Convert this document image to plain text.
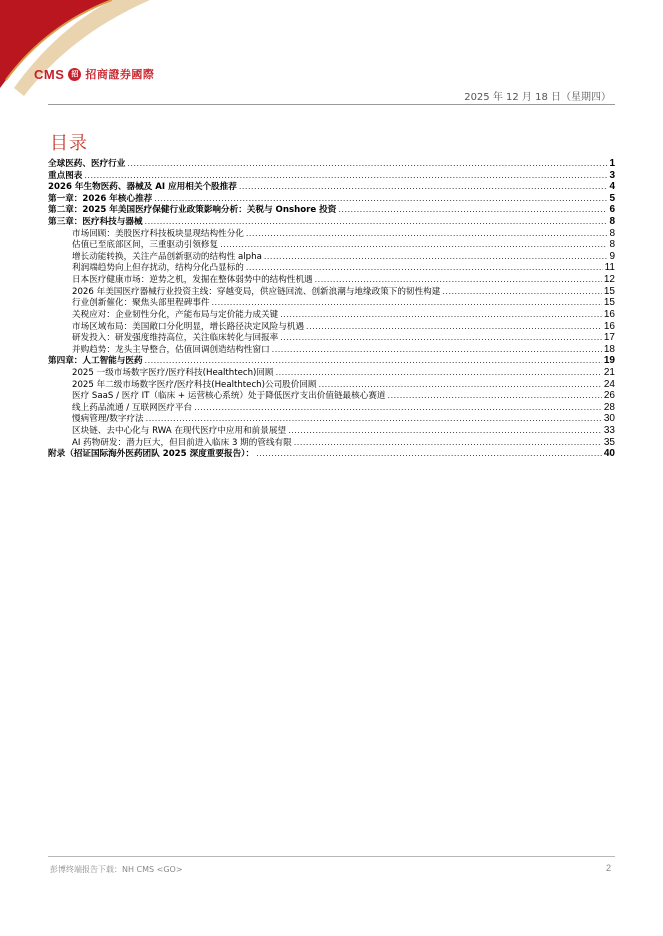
CMS	招 招商證券國際
2025 年 12 月 18 日（星期四）
目录
全球医药、医疗行业 .....	1
重点图表 .....	3
2026 年生物医药、器械及 AI 应用相关个股推荐 .....	4
第一章：2026 年核心推荐 .....	5
第二章：2025 年美国医疗保健行业政策影响分析：关税与 Onshore 投资 .....	6
第三章：医疗科技与器械 .....	8
市场回顾：美股医疗科技板块显现结构性分化 .....	8
估值已至底部区间，三重驱动引领修复 .....	8
增长动能转换，关注产品创新驱动的结构性 alpha .....	9
利润端趋势向上但存扰动，结构分化凸显标的 .....	11
日本医疗健康市场：逆势之机，发掘在整体弱势中的结构性机遇 .....	12
2026 年美国医疗器械行业投资主线：穿越变局，供应链回流、创新浪潮与地缘政策下的韧性构建 .....	15
行业创新催化：聚焦头部里程碑事件 .....	15
关税应对：企业韧性分化，产能布局与定价能力成关键 .....	16
市场区域布局：美国敞口分化明显，增长路径决定风险与机遇 .....	16
研发投入：研发强度维持高位，关注临床转化与回报率 .....	17
并购趋势：龙头主导整合，估值回调创造结构性窗口 .....	18
第四章：人工智能与医药 .....	19
2025 一级市场数字医疗/医疗科技(Healthtech)回顾 .....	21
2025 年二级市场数字医疗/医疗科技(Healthtech)公司股价回顾 .....	24
医疗 SaaS / 医疗 IT（临床 + 运营核心系统）处于降低医疗支出价值链最核心赛道 .....	26
线上药品流通 / 互联网医疗平台 .....	28
慢病管理/数字疗法 .....	30
区块链、去中心化与 RWA 在现代医疗中应用和前景展望 .....	33
AI 药物研发：潜力巨大，但目前进入临床 3 期的管线有限 .....	35
附录（招证国际海外医药团队 2025 深度重要报告）： .....	40
彭博终端报告下载：NH CMS <GO>	2
